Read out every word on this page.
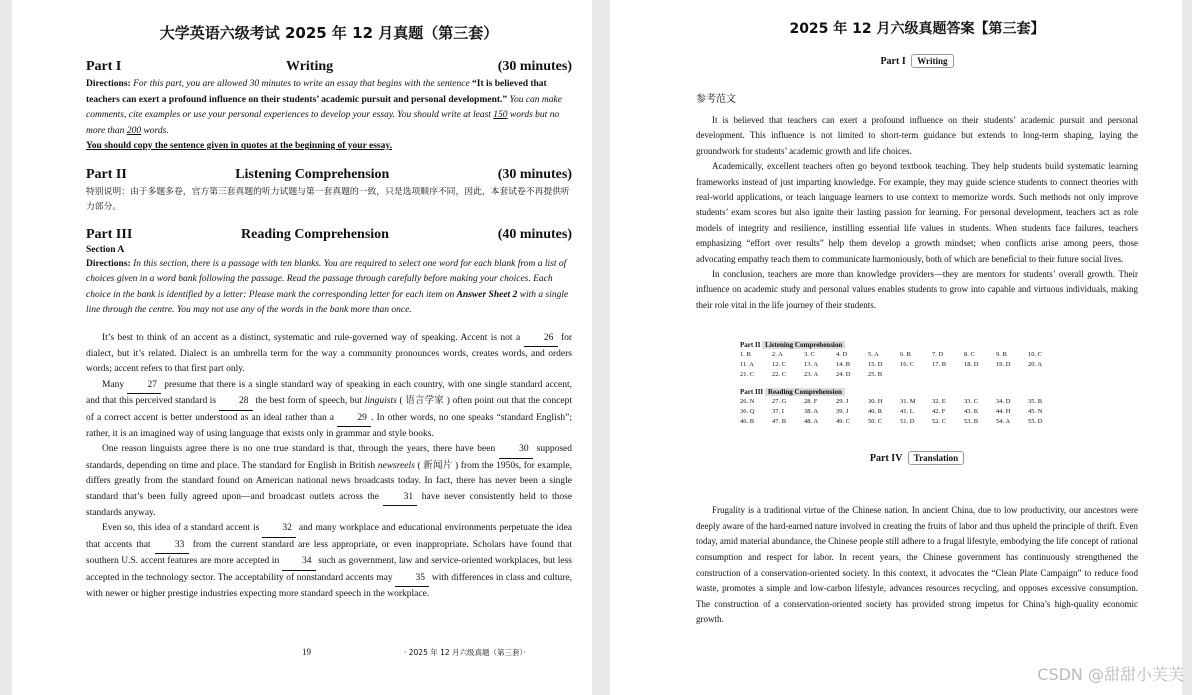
大学英语六级考试 2025 年 12 月真题（第三套）
Part I	Writing	(30 minutes)
Directions: For this part, you are allowed 30 minutes to write an essay that begins with the sentence “It is believed that teachers can exert a profound influence on their students’ academic pursuit and personal development.” You can make comments, cite examples or use your personal experiences to develop your essay. You should write at least 150 words but no more than 200 words.
You should copy the sentence given in quotes at the beginning of your essay.
Part II	Listening Comprehension	(30 minutes)
特别说明：由于多题多卷，官方第三套真题的听力试题与第一套真题的一致，只是选项顺序不同，因此，本套试卷不再提供听力部分。
Part III	Reading Comprehension	(40 minutes)
Section A
Directions: In this section, there is a passage with ten blanks. You are required to select one word for each blank from a list of choices given in a word bank following the passage. Read the passage through carefully before making your choices. Each choice in the bank is identified by a letter: Please mark the corresponding letter for each item on Answer Sheet 2 with a single line through the centre. You may not use any of the words in the bank more than once.

It’s best to think of an accent as a distinct, systematic and rule-governed way of speaking. Accent is not a 26 for dialect, but it’s related. Dialect is an umbrella term for the way a community pronounces words, creates words, and orders words; accent refers to that first part only.

Many 27 presume that there is a single standard way of speaking in each country, with one single standard accent, and that this perceived standard is 28 the best form of speech, but linguists ( 语言学家 ) often point out that the concept of a correct accent is better understood as an ideal rather than a 29 . In other words, no one speaks “standard English”; rather, it is an imagined way of using language that exists only in grammar and style books.

One reason linguists agree there is no one true standard is that, through the years, there have been	30 supposed standards, depending on time and place. The standard for English in British newsreels ( 新闻片 ) from the 1950s, for example, differs greatly from the standard found on American national news broadcasts today. In fact, there has never been a single standard that’s been fully agreed upon—and broadcast outlets across the	31 have never consistently held to those standards anyway.

Even so, this idea of a standard accent is 32 and many workplace and educational environments perpetuate the idea that accents that	33 from the current standard are less appropriate, or even inappropriate. Scholars have found that southern U.S. accent features are more accepted in 34 such as government, law and service-oriented workplaces, but less accepted in the technology sector. The acceptability of nonstandard accents may 35 with differences in class and culture, with newer or higher prestige industries expecting more standard speech in the workplace.

19	· 2025 年 12 月六级真题（第三套）·
2025 年 12 月六级真题答案【第三套】
Part I Writing
参考范文

It is believed that teachers can exert a profound influence on their students’ academic pursuit and personal development. This influence is not limited to short-term guidance but extends to long-term shaping, laying the groundwork for students’ academic growth and life choices.

Academically, excellent teachers often go beyond textbook teaching. They help students build systematic learning frameworks instead of just imparting knowledge. For example, they may guide science students to connect theories with real-world applications, or teach language learners to use context to memorize words. Such methods not only improve students’ exam scores but also ignite their lasting passion for learning. For personal development, teachers act as role models of integrity and resilience, instilling essential life values in students. When students face failures, teachers emphasizing “effort over results” help them develop a growth mindset; when conflicts arise among peers, those advocating empathy teach them to communicate harmoniously, both of which are beneficial to their future social lives.

In conclusion, teachers are more than knowledge providers—they are mentors for students’ overall growth. Their influence on academic study and personal values enables students to grow into capable and virtuous individuals, making their role vital in the life journey of their students.

Part II Listening Comprehension
1. B	2. A	3. C	4. D	5. A	6. B	7. D	8. C	9. B	10. C
11. A	12. C	13. A	14. B	15. D	16. C	17. B	18. D	19. D	20. A
21. C	22. C	23. A	24. D	25. B
Part III Reading Comprehension
26. N	27. G	28. F	29. J	30. H	31. M	32. E	33. C	34. D	35. B
36. Q	37. I	38. A	39. J	40. R	41. L	42. F	43. K	44. H	45. N
46. B	47. B	48. A	49. C	50. C	51. D	52. C	53. B	54. A	55. D
Part IV Translation

Frugality is a traditional virtue of the Chinese nation. In ancient China, due to low productivity, our ancestors were deeply aware of the hard-earned nature involved in creating the fruits of labor and thus upheld the principle of thrift. Even today, amid material abundance, the Chinese people still adhere to a frugal lifestyle, embodying the life concept of rational consumption and respect for labor. In recent years, the Chinese government has continuously strengthened the construction of a conservation-oriented society. In this context, it advocates the “Clean Plate Campaign” to reduce food waste, promotes a simple and low-carbon lifestyle, advances resources recycling, and opposes excessive consumption. The construction of a conservation-oriented society has provided strong impetus for China’s high-quality economic growth.

CSDN @甜甜小芙芙
